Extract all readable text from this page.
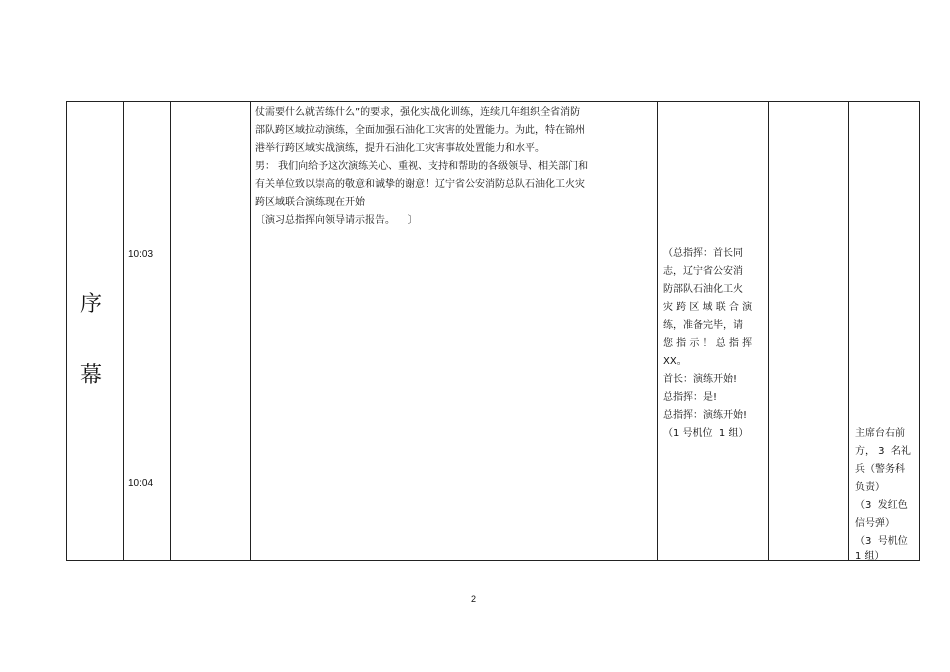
序
幕
10:03
10:04
仗需要什么就苦练什么”的要求，强化实战化训练，连续几年组织全省消防
部队跨区域拉动演练，全面加强石油化工灾害的处置能力。为此，特在锦州
港举行跨区域实战演练，提升石油化工灾害事故处置能力和水平。
男： 我们向给予这次演练关心、重视、支持和帮助的各级领导、相关部门和
有关单位致以崇高的敬意和诚挚的谢意！辽宁省公安消防总队石油化工火灾
跨区域联合演练现在开始
〔演习总指挥向领导请示报告。    〕
（总指挥：首长同
志，辽宁省公安消
防部队石油化工火
灾 跨 区 域 联 合 演
练，准备完毕，请
您 指 示 ！ 总 指 挥
XX。
首长：演练开始!
总指挥：是!
总指挥：演练开始!
（1 号机位  1 组）	主席台右前
方， 3  名礼
兵（警务科
负责）
（3  发红色
信号弹）
（3  号机位
1 组）
2
